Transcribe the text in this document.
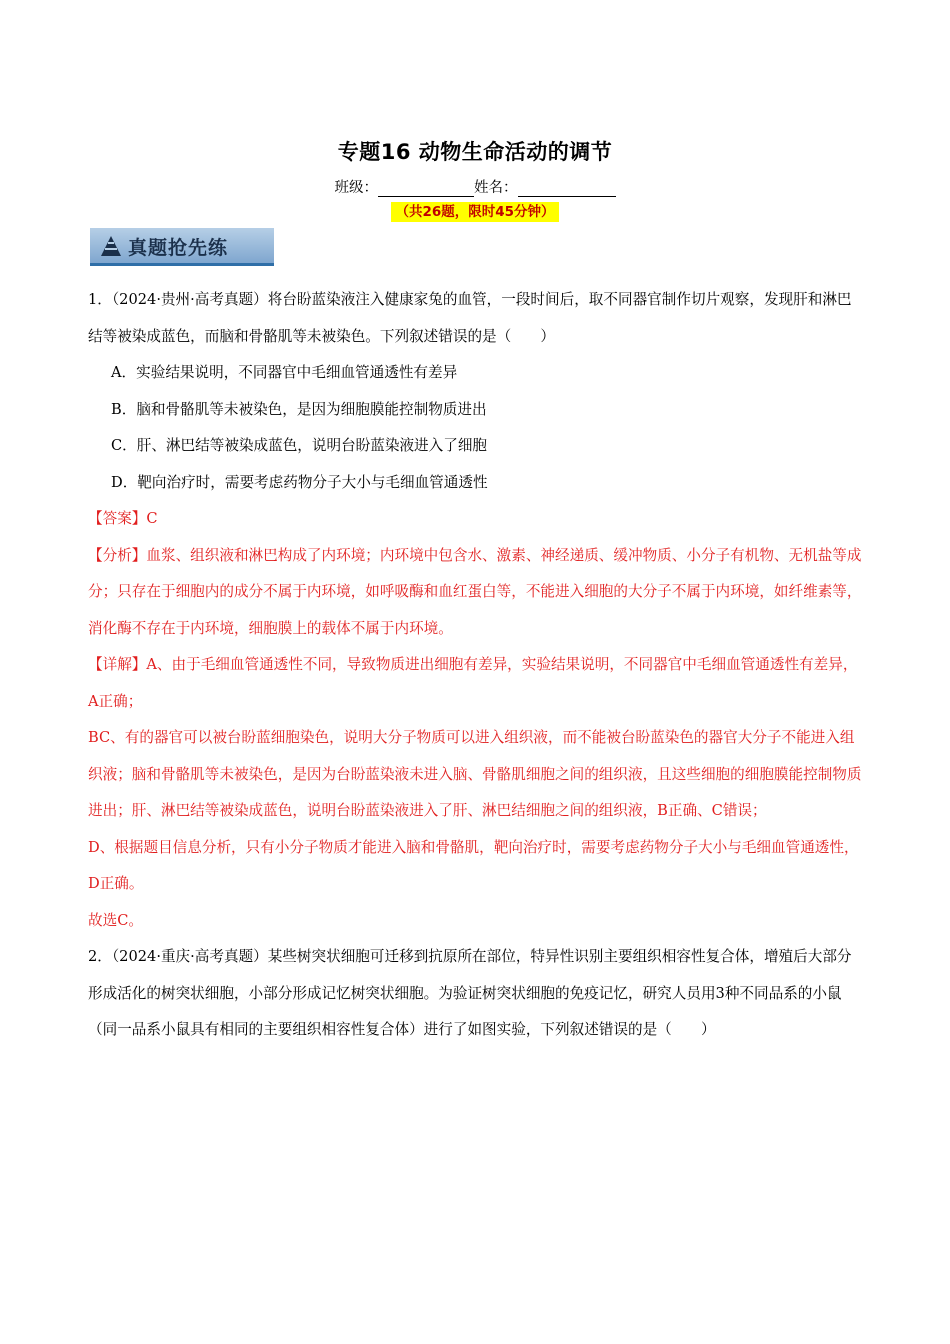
专题16 动物生命活动的调节
班级：	姓名：
（共26题，限时45分钟）
真题抢先练

1．（2024·贵州·高考真题）将台盼蓝染液注入健康家兔的血管，一段时间后，取不同器官制作切片观察，发现肝和淋巴结等被染成蓝色，而脑和骨骼肌等未被染色。下列叙述错误的是（　　）

A．实验结果说明，不同器官中毛细血管通透性有差异

B．脑和骨骼肌等未被染色，是因为细胞膜能控制物质进出

C．肝、淋巴结等被染成蓝色，说明台盼蓝染液进入了细胞

D．靶向治疗时，需要考虑药物分子大小与毛细血管通透性

【答案】C

【分析】血浆、组织液和淋巴构成了内环境；内环境中包含水、激素、神经递质、缓冲物质、小分子有机物、无机盐等成分；只存在于细胞内的成分不属于内环境，如呼吸酶和血红蛋白等，不能进入细胞的大分子不属于内环境，如纤维素等，消化酶不存在于内环境，细胞膜上的载体不属于内环境。

【详解】A、由于毛细血管通透性不同，导致物质进出细胞有差异，实验结果说明，不同器官中毛细血管通透性有差异，A正确；

BC、有的器官可以被台盼蓝细胞染色，说明大分子物质可以进入组织液，而不能被台盼蓝染色的器官大分子不能进入组织液；脑和骨骼肌等未被染色，是因为台盼蓝染液未进入脑、骨骼肌细胞之间的组织液，且这些细胞的细胞膜能控制物质进出；肝、淋巴结等被染成蓝色，说明台盼蓝染液进入了肝、淋巴结细胞之间的组织液，B正确、C错误；

D、根据题目信息分析，只有小分子物质才能进入脑和骨骼肌，靶向治疗时，需要考虑药物分子大小与毛细血管通透性，D正确。

故选C。

2．（2024·重庆·高考真题）某些树突状细胞可迁移到抗原所在部位，特异性识别主要组织相容性复合体，增殖后大部分形成活化的树突状细胞，小部分形成记忆树突状细胞。为验证树突状细胞的免疫记忆，研究人员用3种不同品系的小鼠（同一品系小鼠具有相同的主要组织相容性复合体）进行了如图实验，下列叙述错误的是（　　）
